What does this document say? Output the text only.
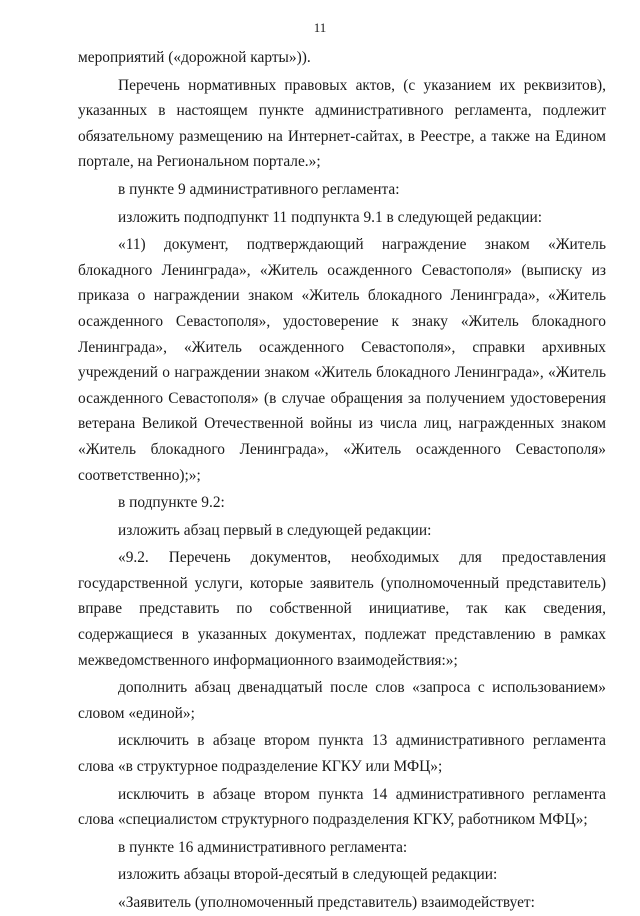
11

мероприятий («дорожной карты»)).

Перечень нормативных правовых актов, (с указанием их реквизитов), указанных в настоящем пункте административного регламента, подлежит обязательному размещению на Интернет-сайтах, в Реестре, а также на Едином портале, на Региональном портале.»;

в пункте 9 административного регламента:

изложить подподпункт 11 подпункта 9.1 в следующей редакции:

«11) документ, подтверждающий награждение знаком «Житель блокадного Ленинграда», «Житель осажденного Севастополя» (выписку из приказа о награждении знаком «Житель блокадного Ленинграда», «Житель осажденного Севастополя», удостоверение к знаку «Житель блокадного Ленинграда», «Житель осажденного Севастополя», справки архивных учреждений о награждении знаком «Житель блокадного Ленинграда», «Житель осажденного Севастополя» (в случае обращения за получением удостоверения ветерана Великой Отечественной войны из числа лиц, награжденных знаком «Житель блокадного Ленинграда», «Житель осажденного Севастополя» соответственно);»;

в подпункте 9.2:

изложить абзац первый в следующей редакции:

«9.2. Перечень документов, необходимых для предоставления государственной услуги, которые заявитель (уполномоченный представитель) вправе представить по собственной инициативе, так как сведения, содержащиеся в указанных документах, подлежат представлению в рамках межведомственного информационного взаимодействия:»;

дополнить абзац двенадцатый после слов «запроса с использованием» словом «единой»;

исключить в абзаце втором пункта 13 административного регламента слова «в структурное подразделение КГКУ или МФЦ»;

исключить в абзаце втором пункта 14 административного регламента слова «специалистом структурного подразделения КГКУ, работником МФЦ»;

в пункте 16 административного регламента:

изложить абзацы второй-десятый в следующей редакции:

«Заявитель (уполномоченный представитель) взаимодействует:
